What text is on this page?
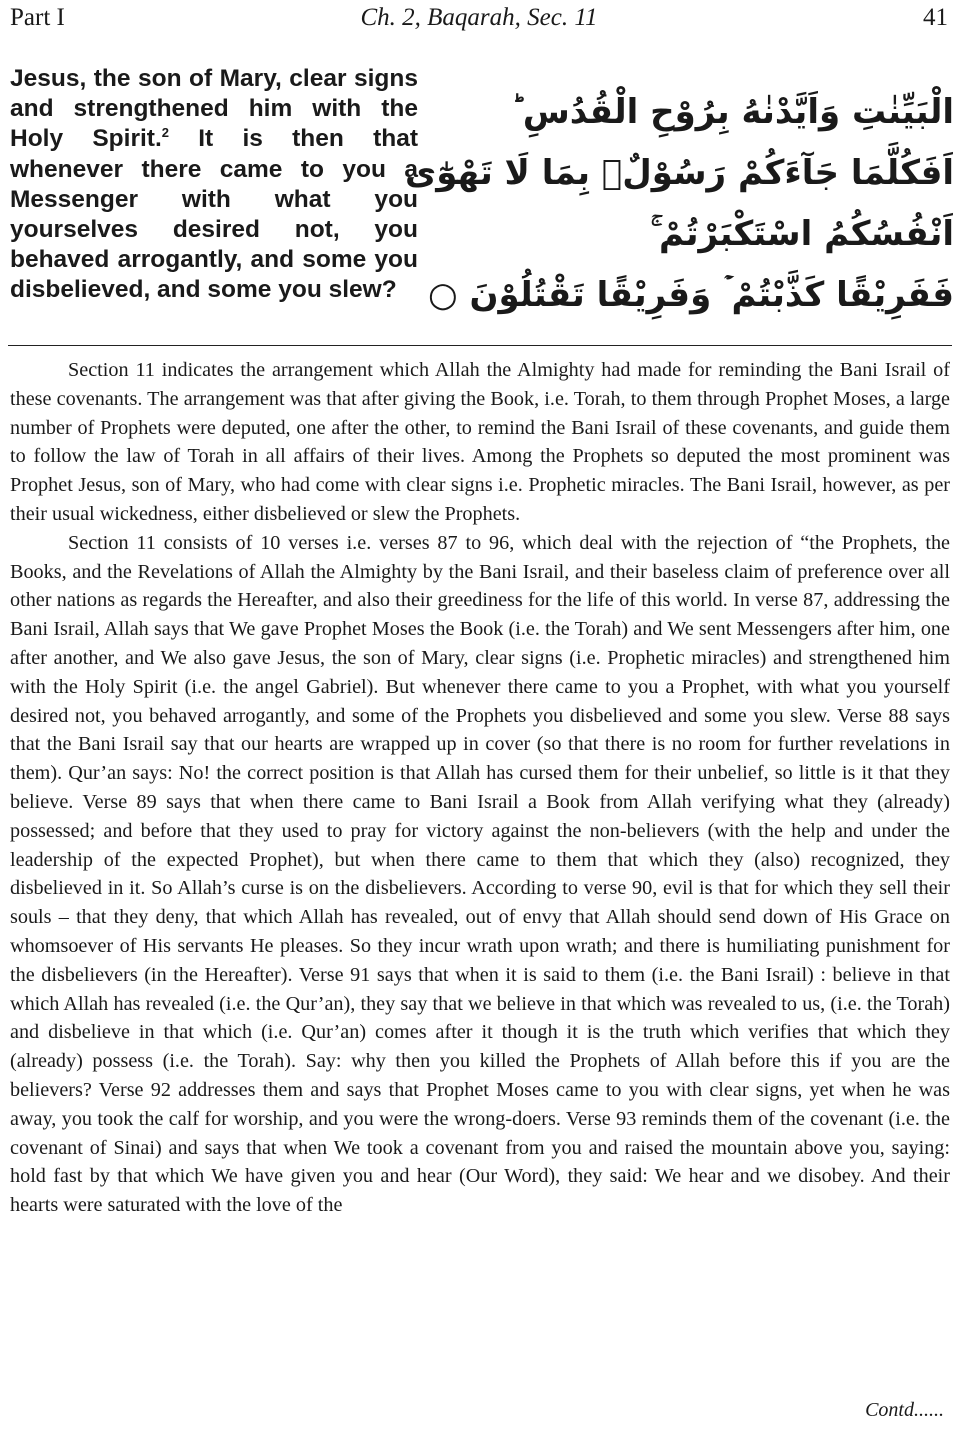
Part I	Ch. 2, Baqarah, Sec. 11	41

Jesus, the son of Mary, clear signs and strengthened him with the Holy Spirit.$^2$ It is then that whenever there came to you a Messenger with what you yourselves desired not, you behaved arrogantly, and some you disbelieved, and some you slew?

الْبَيِّنٰتِ وَاَيَّدْنٰهُ بِرُوْحِ الْقُدُسِ ؕ
اَفَكُلَّمَا جَآءَكُمْ رَسُوْلٌۢ بِمَا لَا تَهْوٰٓى
اَنْفُسُكُمُ اسْتَكْبَرْتُمْ ۚ
فَفَرِيْقًا كَذَّبْتُمْ ۡ وَفَرِيْقًا تَقْتُلُوْنَ ○

Section 11 indicates the arrangement which Allah the Almighty had made for reminding the Bani Israil of these covenants. The arrangement was that after giving the Book, i.e. Torah, to them through Prophet Moses, a large number of Prophets were deputed, one after the other, to remind the Bani Israil of these covenants, and guide them to follow the law of Torah in all affairs of their lives. Among the Prophets so deputed the most prominent was Prophet Jesus, son of Mary, who had come with clear signs i.e. Prophetic miracles. The Bani Israil, however, as per their usual wickedness, either disbelieved or slew the Prophets.

Section 11 consists of 10 verses i.e. verses 87 to 96, which deal with the rejection of “the Prophets, the Books, and the Revelations of Allah the Almighty by the Bani Israil, and their baseless claim of preference over all other nations as regards the Hereafter, and also their greediness for the life of this world. In verse 87, addressing the Bani Israil, Allah says that We gave Prophet Moses the Book (i.e. the Torah) and We sent Messengers after him, one after another, and We also gave Jesus, the son of Mary, clear signs (i.e. Prophetic miracles) and strengthened him with the Holy Spirit (i.e. the angel Gabriel). But whenever there came to you a Prophet, with what you yourself desired not, you behaved arrogantly, and some of the Prophets you disbelieved and some you slew. Verse 88 says that the Bani Israil say that our hearts are wrapped up in cover (so that there is no room for further revelations in them). Qur’an says: No! the correct position is that Allah has cursed them for their unbelief, so little is it that they believe. Verse 89 says that when there came to Bani Israil a Book from Allah verifying what they (already) possessed; and before that they used to pray for victory against the non-believers (with the help and under the leadership of the expected Prophet), but when there came to them that which they (also) recognized, they disbelieved in it. So Allah’s curse is on the disbelievers. According to verse 90, evil is that for which they sell their souls – that they deny, that which Allah has revealed, out of envy that Allah should send down of His Grace on whomsoever of His servants He pleases. So they incur wrath upon wrath; and there is humiliating punishment for the disbelievers (in the Hereafter). Verse 91 says that when it is said to them (i.e. the Bani Israil) : believe in that which Allah has revealed (i.e. the Qur’an), they say that we believe in that which was revealed to us, (i.e. the Torah) and disbelieve in that which (i.e. Qur’an) comes after it though it is the truth which verifies that which they (already) possess (i.e. the Torah). Say: why then you killed the Prophets of Allah before this if you are the believers? Verse 92 addresses them and says that Prophet Moses came to you with clear signs, yet when he was away, you took the calf for worship, and you were the wrong-doers. Verse 93 reminds them of the covenant (i.e. the covenant of Sinai) and says that when We took a covenant from you and raised the mountain above you, saying: hold fast by that which We have given you and hear (Our Word), they said: We hear and we disobey. And their hearts were saturated with the love of the

Contd......
